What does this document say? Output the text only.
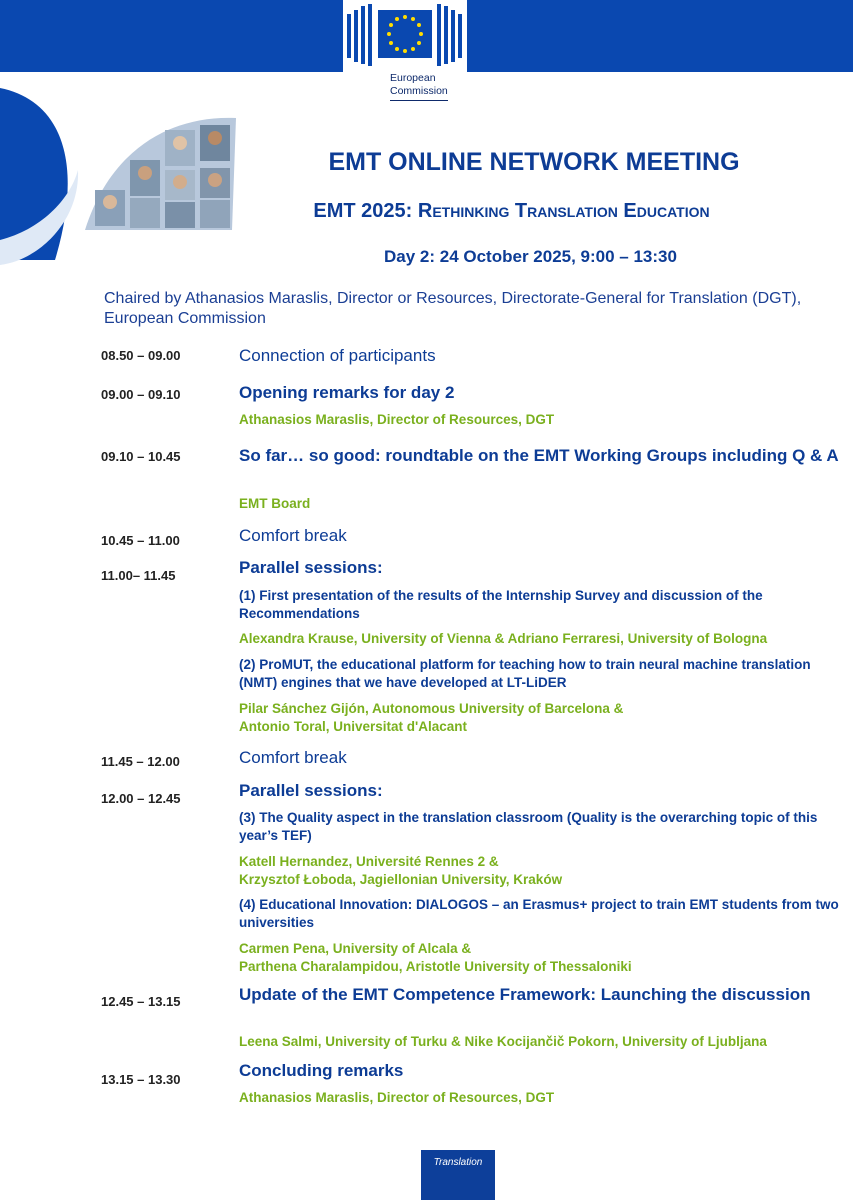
European
Commission
EMT ONLINE NETWORK MEETING
EMT 2025: Rethinking Translation Education
Day 2: 24 October 2025, 9:00 – 13:30
Chaired by Athanasios Maraslis, Director or Resources, Directorate-General for Translation (DGT), European Commission
08.50 – 09.00	Connection of participants
09.00 – 09.10	Opening remarks for day 2
Athanasios Maraslis, Director of Resources, DGT
09.10 – 10.45	So far… so good: roundtable on the EMT Working Groups including Q & A
EMT Board
10.45 – 11.00	Comfort break
11.00– 11.45	Parallel sessions:
(1) First presentation of the results of the Internship Survey and discussion of the Recommendations
Alexandra Krause, University of Vienna & Adriano Ferraresi, University of Bologna
(2) ProMUT, the educational platform for teaching how to train neural machine translation (NMT) engines that we have developed at LT-LiDER
Pilar Sánchez Gijón, Autonomous University of Barcelona &
Antonio Toral, Universitat d'Alacant
11.45 – 12.00	Comfort break
12.00 – 12.45	Parallel sessions:
(3) The Quality aspect in the translation classroom (Quality is the overarching topic of this year’s TEF)
Katell Hernandez, Université Rennes 2 &
Krzysztof Łoboda, Jagiellonian University, Kraków
(4) Educational Innovation: DIALOGOS – an Erasmus+ project to train EMT students from two universities
Carmen Pena, University of Alcala &
Parthena Charalampidou, Aristotle University of Thessaloniki
12.45 – 13.15	Update of the EMT Competence Framework: Launching the discussion
Leena Salmi, University of Turku & Nike Kocijančič Pokorn, University of Ljubljana
13.15 – 13.30	Concluding remarks
Athanasios Maraslis, Director of Resources, DGT
Translation
